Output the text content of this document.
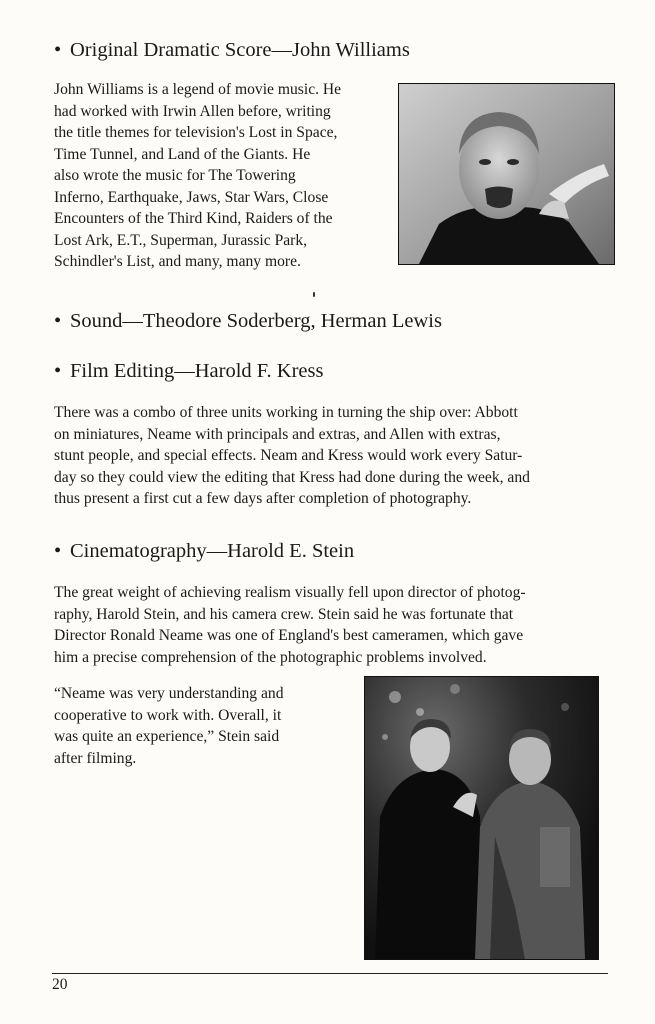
• Original Dramatic Score—John Williams
John Williams is a legend of movie music. He
had worked with Irwin Allen before, writing
the title themes for television's Lost in Space,
Time Tunnel, and Land of the Giants. He
also wrote the music for The Towering
Inferno, Earthquake, Jaws, Star Wars, Close
Encounters of the Third Kind, Raiders of the
Lost Ark, E.T., Superman, Jurassic Park,
Schindler's List, and many, many more.
• Sound—Theodore Soderberg, Herman Lewis
• Film Editing—Harold F. Kress
There was a combo of three units working in turning the ship over: Abbott
on miniatures, Neame with principals and extras, and Allen with extras,
stunt people, and special effects. Neam and Kress would work every Satur-
day so they could view the editing that Kress had done during the week, and
thus present a first cut a few days after completion of photography.
• Cinematography—Harold E. Stein
The great weight of achieving realism visually fell upon director of photog-
raphy, Harold Stein, and his camera crew. Stein said he was fortunate that
Director Ronald Neame was one of England's best cameramen, which gave
him a precise comprehension of the photographic problems involved.
“Neame was very understanding and
cooperative to work with. Overall, it
was quite an experience,” Stein said
after filming.
20
